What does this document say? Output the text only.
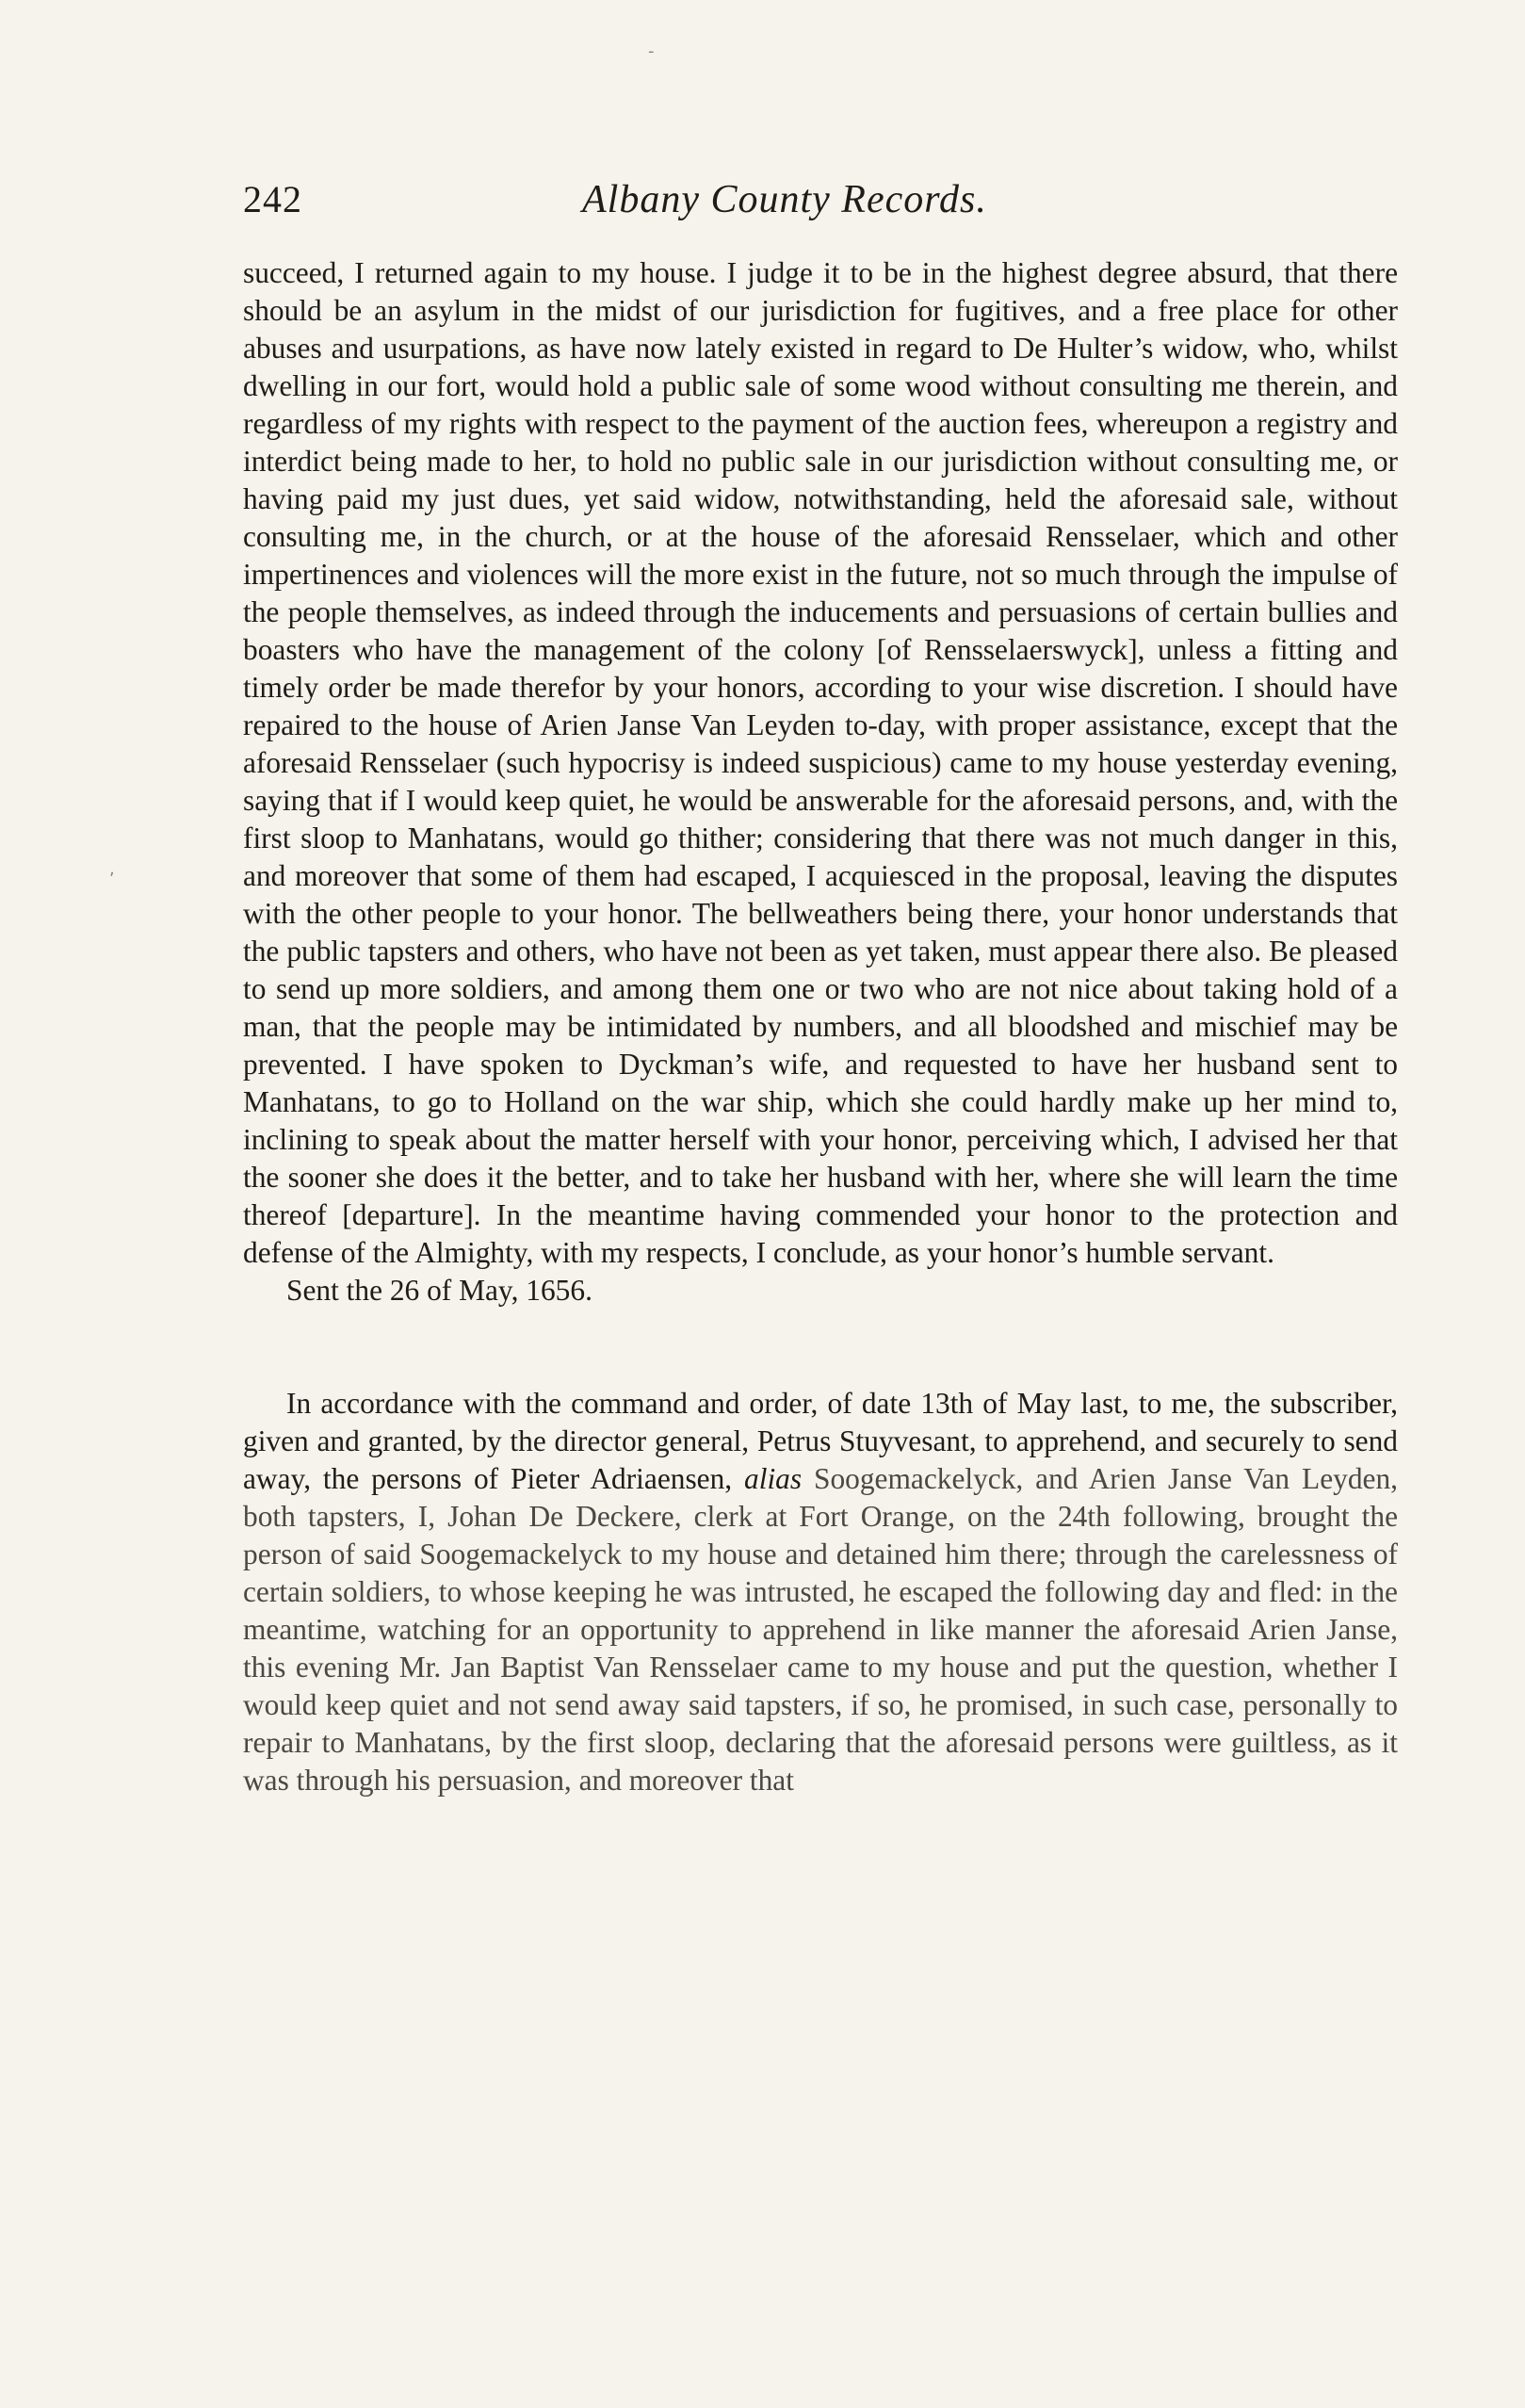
-
,
242	Albany County Records.

succeed, I returned again to my house. I judge it to be in the highest degree absurd, that there should be an asylum in the midst of our jurisdiction for fugitives, and a free place for other abuses and usurpations, as have now lately existed in regard to De Hulter’s widow, who, whilst dwelling in our fort, would hold a public sale of some wood without consulting me therein, and regardless of my rights with respect to the payment of the auction fees, whereupon a registry and interdict being made to her, to hold no public sale in our jurisdiction without consulting me, or having paid my just dues, yet said widow, notwithstanding, held the aforesaid sale, without consulting me, in the church, or at the house of the aforesaid Rensselaer, which and other impertinences and violences will the more exist in the future, not so much through the impulse of the people themselves, as indeed through the inducements and persuasions of certain bullies and boasters who have the management of the colony [of Rensselaerswyck], unless a fitting and timely order be made therefor by your honors, according to your wise discretion. I should have repaired to the house of Arien Janse Van Leyden to-day, with proper assistance, except that the aforesaid Rensselaer (such hypocrisy is indeed suspicious) came to my house yesterday evening, saying that if I would keep quiet, he would be answerable for the aforesaid persons, and, with the first sloop to Manhatans, would go thither; considering that there was not much danger in this, and moreover that some of them had escaped, I acquiesced in the proposal, leaving the disputes with the other people to your honor. The bellweathers being there, your honor understands that the public tapsters and others, who have not been as yet taken, must appear there also. Be pleased to send up more soldiers, and among them one or two who are not nice about taking hold of a man, that the people may be intimidated by numbers, and all bloodshed and mischief may be prevented. I have spoken to Dyckman’s wife, and requested to have her husband sent to Manhatans, to go to Holland on the war ship, which she could hardly make up her mind to, inclining to speak about the matter herself with your honor, perceiving which, I advised her that the sooner she does it the better, and to take her husband with her, where she will learn the time thereof [departure]. In the meantime having commended your honor to the protection and defense of the Almighty, with my respects, I conclude, as your honor’s humble servant.

Sent the 26 of May, 1656.

In accordance with the command and order, of date 13th of May last, to me, the subscriber, given and granted, by the director general, Petrus Stuyvesant, to apprehend, and securely to send away, the persons of Pieter Adriaensen, alias Soogemackelyck, and Arien Janse Van Leyden, both tapsters, I, Johan De Deckere, clerk at Fort Orange, on the 24th following, brought the person of said Soogemackelyck to my house and detained him there; through the carelessness of certain soldiers, to whose keeping he was intrusted, he escaped the following day and fled: in the meantime, watching for an opportunity to apprehend in like manner the aforesaid Arien Janse, this evening Mr. Jan Baptist Van Rensselaer came to my house and put the question, whether I would keep quiet and not send away said tapsters, if so, he promised, in such case, personally to repair to Manhatans, by the first sloop, declaring that the aforesaid persons were guiltless, as it was through his persuasion, and moreover that
